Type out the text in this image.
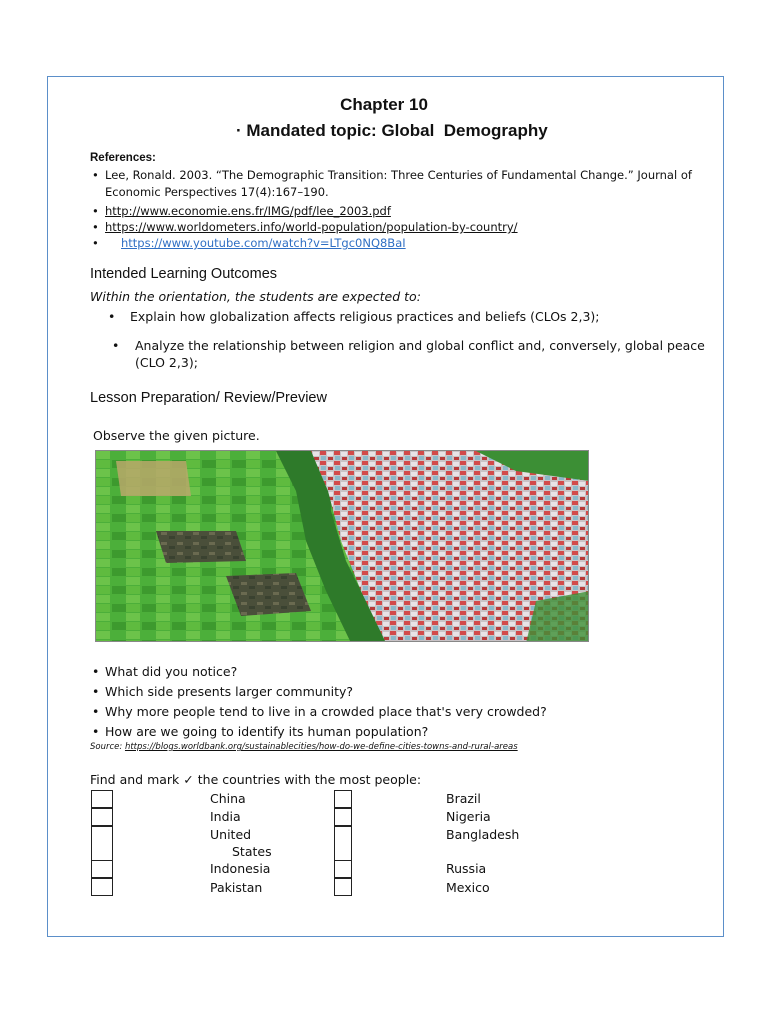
Chapter 10
· Mandated topic: Global  Demography
References:
• Lee, Ronald. 2003. “The Demographic Transition: Three Centuries of Fundamental Change.” Journal of
Economic Perspectives 17(4):167–190.
• http://www.economie.ens.fr/IMG/pdf/lee_2003.pdf
• https://www.worldometers.info/world-population/population-by-country/
• https://www.youtube.com/watch?v=LTgc0NQ8BaI
Intended Learning Outcomes
Within the orientation, the students are expected to:
• Explain how globalization affects religious practices and beliefs (CLOs 2,3);
• Analyze the relationship between religion and global conflict and, conversely, global peace
(CLO 2,3);
Lesson Preparation/ Review/Preview
Observe the given picture.
• What did you notice?
• Which side presents larger community?
• Why more people tend to live in a crowded place that's very crowded?
• How are we going to identify its human population?
Source: https://blogs.worldbank.org/sustainablecities/how-do-we-define-cities-towns-and-rural-areas
Find and mark ✓ the countries with the most people:
China
India
United
States
Indonesia
Pakistan
Brazil
Nigeria
Bangladesh
Russia
Mexico
